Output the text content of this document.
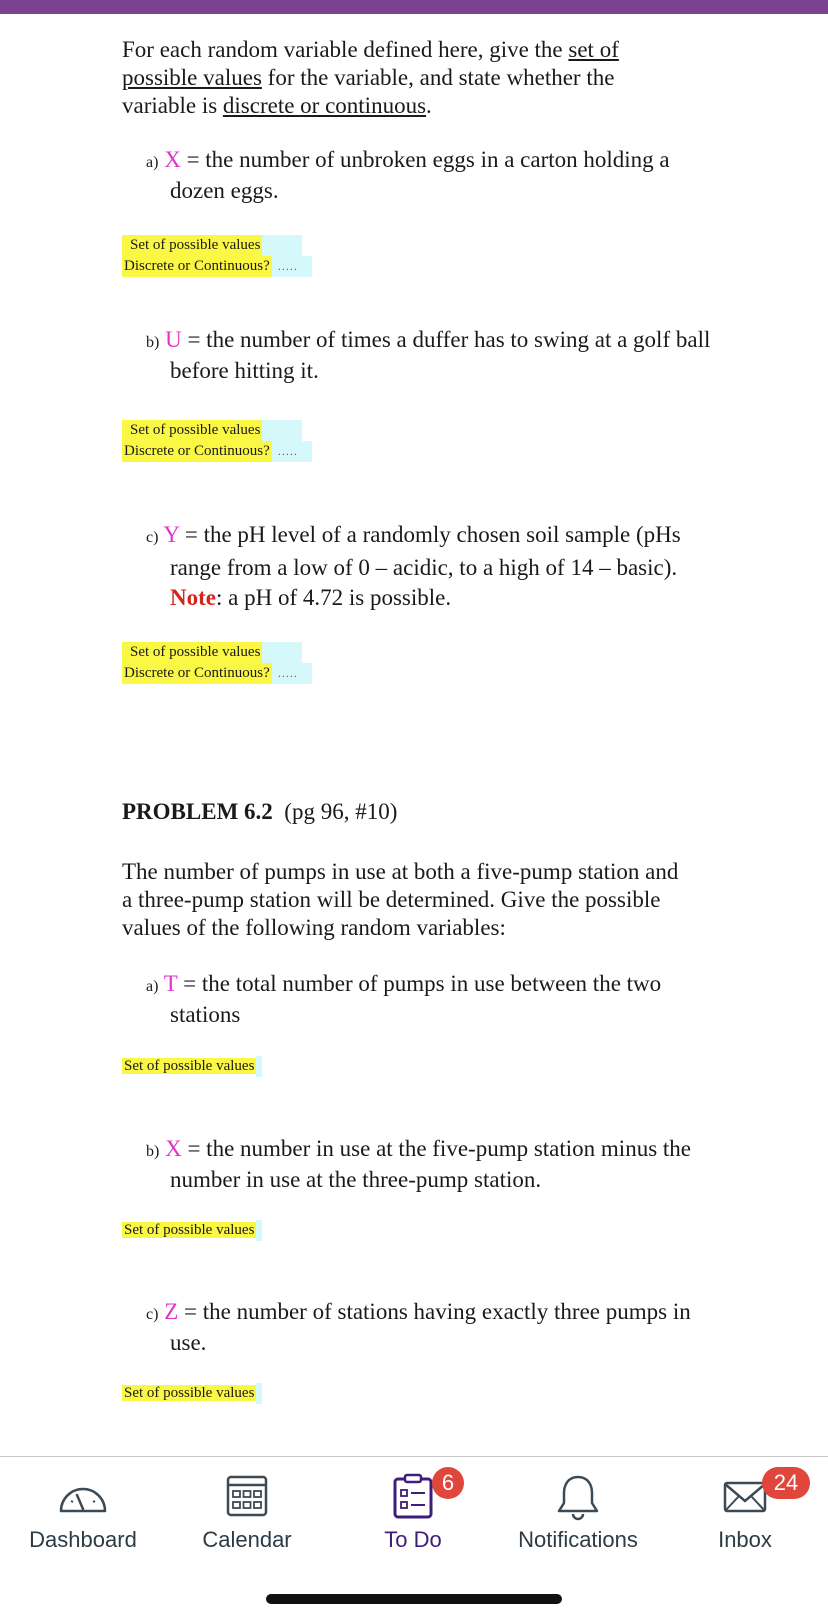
For each random variable defined here, give the set of possible values for the variable, and state whether the variable is discrete or continuous.
a) X = the number of unbroken eggs in a carton holding a dozen eggs.
Set of possible values
Discrete or Continuous? .....
b) U = the number of times a duffer has to swing at a golf ball before hitting it.
Set of possible values
Discrete or Continuous? .....
c) Y = the pH level of a randomly chosen soil sample (pHs range from a low of 0 – acidic, to a high of 14 – basic). Note: a pH of 4.72 is possible.
Set of possible values
Discrete or Continuous? .....
PROBLEM 6.2 (pg 96, #10)
The number of pumps in use at both a five-pump station and a three-pump station will be determined. Give the possible values of the following random variables:
a) T = the total number of pumps in use between the two stations
Set of possible values
b) X = the number in use at the five-pump station minus the number in use at the three-pump station.
Set of possible values
c) Z = the number of stations having exactly three pumps in use.
Set of possible values
Dashboard	Calendar
6
To Do	Notifications
24
Inbox
